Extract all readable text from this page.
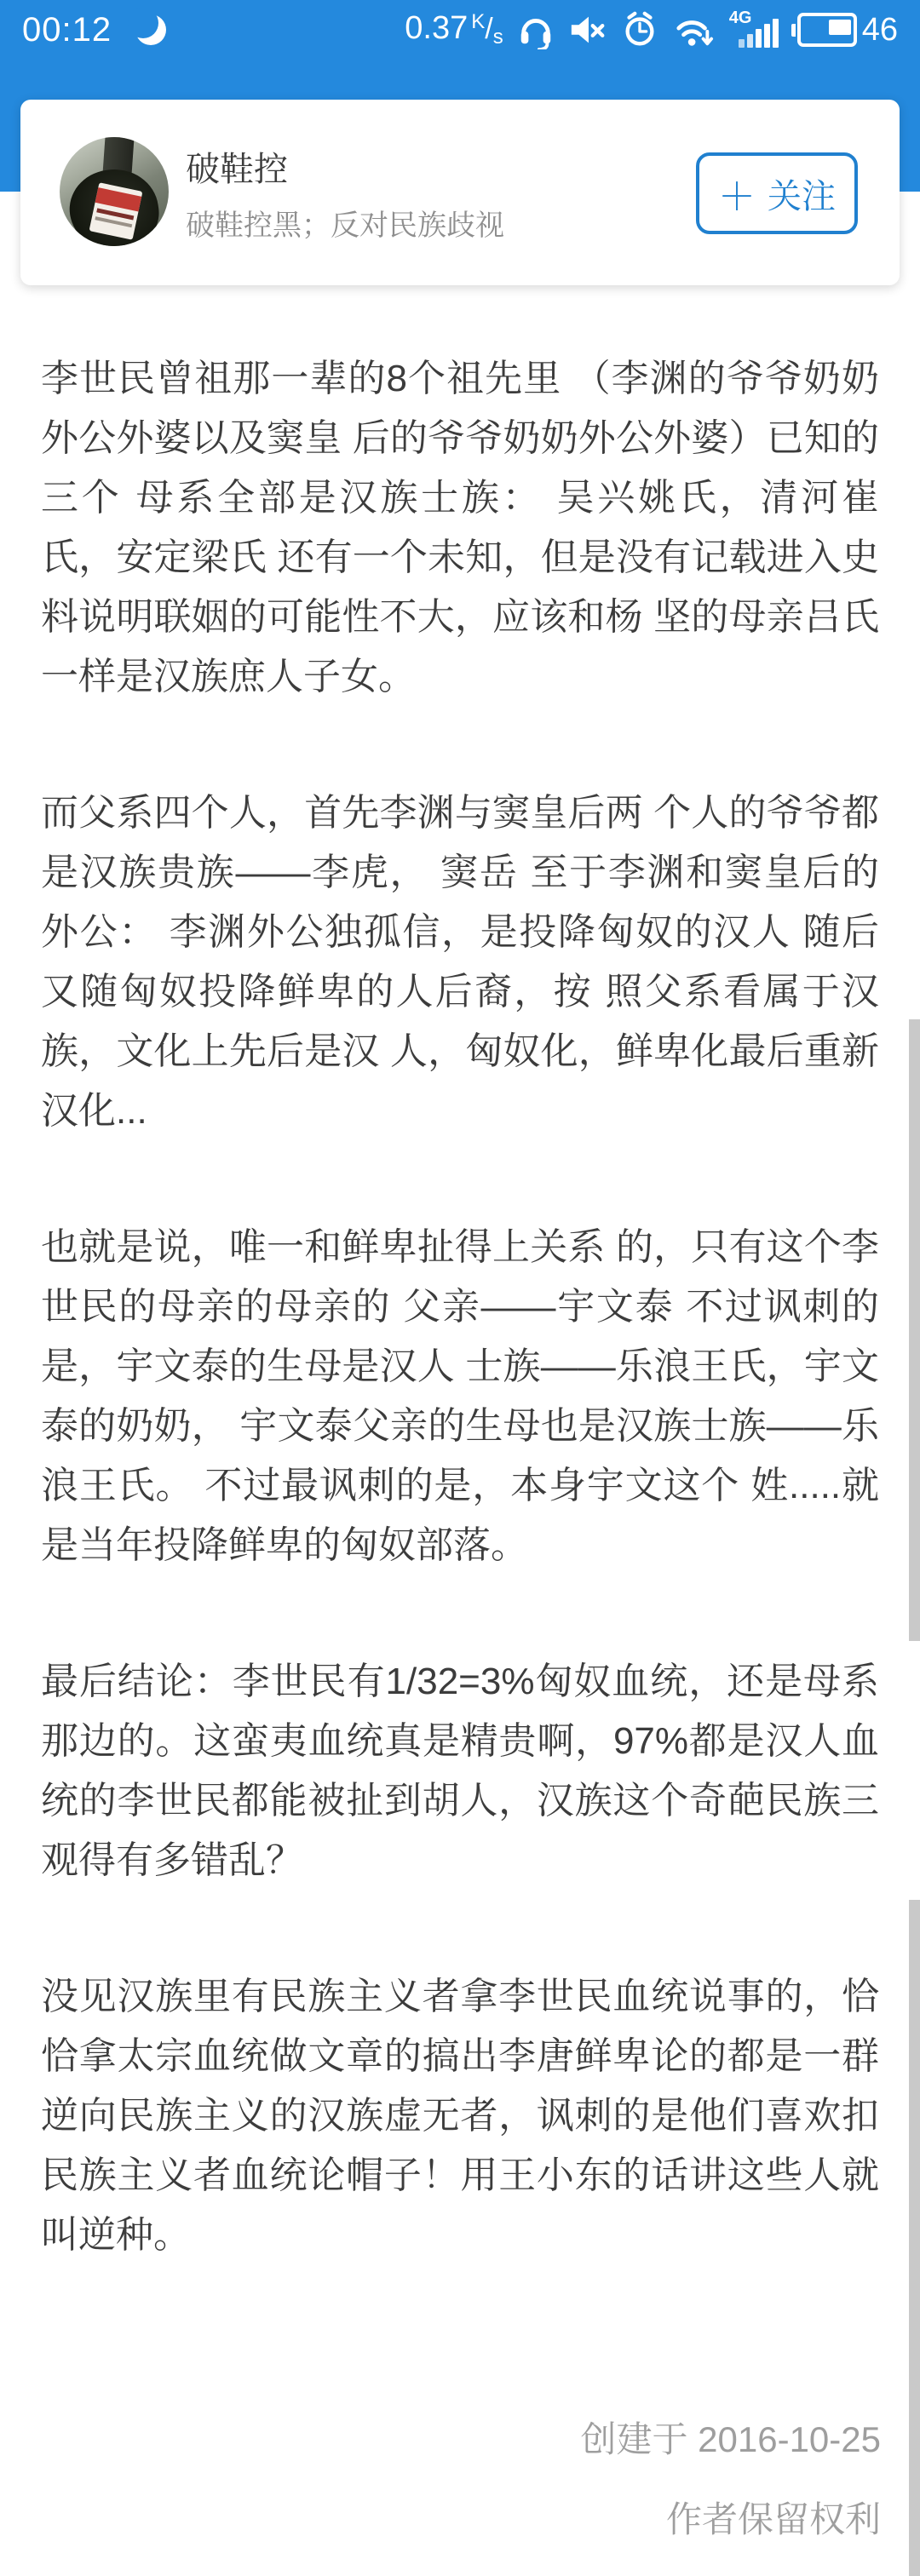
00:12	0.37 K/s
4G	46
破鞋控
破鞋控黑；反对民族歧视
＋ 关注

李世民曾祖那一辈的8个祖先里 （李渊的爷爷奶奶外公外婆以及窦皇 后的爷爷奶奶外公外婆）已知的三个 母系全部是汉族士族： 吴兴姚氏，清河崔氏，安定梁氏 还有一个未知，但是没有记载进入史 料说明联姻的可能性不大，应该和杨 坚的母亲吕氏一样是汉族庶人子女。

而父系四个人，首先李渊与窦皇后两 个人的爷爷都是汉族贵族——李虎， 窦岳 至于李渊和窦皇后的外公： 李渊外公独孤信，是投降匈奴的汉人 随后又随匈奴投降鲜卑的人后裔，按 照父系看属于汉族，文化上先后是汉 人，匈奴化，鲜卑化最后重新汉化...

也就是说，唯一和鲜卑扯得上关系 的，只有这个李世民的母亲的母亲的 父亲——宇文泰 不过讽刺的是，宇文泰的生母是汉人 士族——乐浪王氏，宇文泰的奶奶， 宇文泰父亲的生母也是汉族士族——乐浪王氏。 不过最讽刺的是，本身宇文这个 姓.....就是当年投降鲜卑的匈奴部落。

最后结论：李世民有1/32=3%匈奴血统，还是母系那边的。这蛮夷血统真是精贵啊，97%都是汉人血统的李世民都能被扯到胡人，汉族这个奇葩民族三观得有多错乱？

没见汉族里有民族主义者拿李世民血统说事的，恰恰拿太宗血统做文章的搞出李唐鲜卑论的都是一群逆向民族主义的汉族虚无者，讽刺的是他们喜欢扣民族主义者血统论帽子！用王小东的话讲这些人就叫逆种。

创建于 2016-10-25
作者保留权利
